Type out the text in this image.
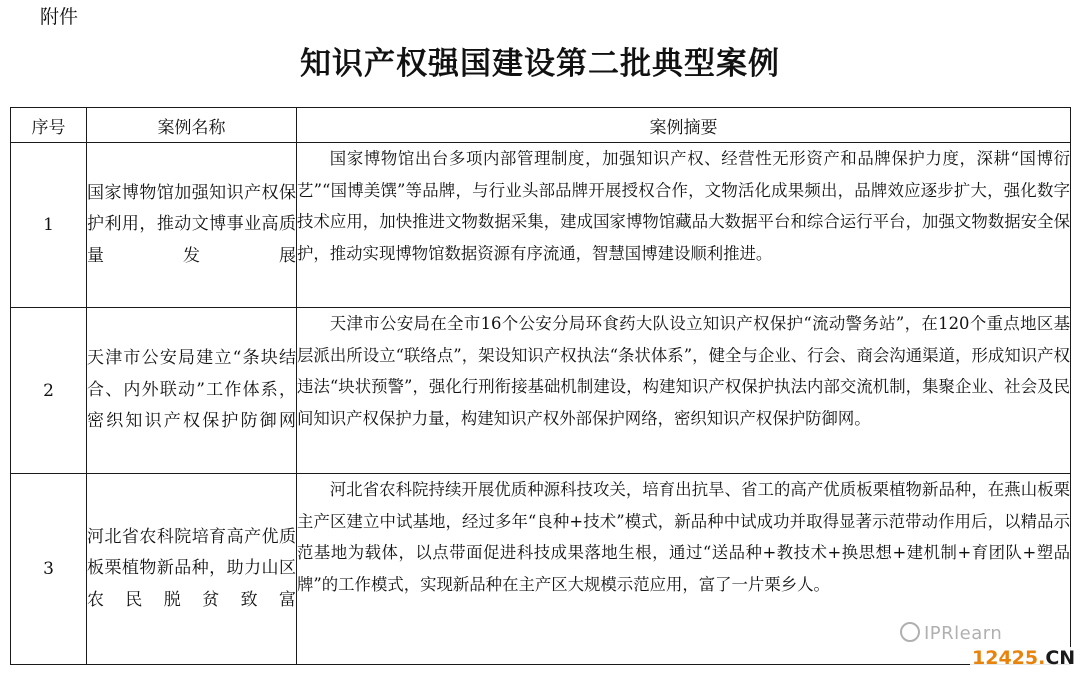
附件
知识产权强国建设第二批典型案例
序号	案例名称	案例摘要
1	国家博物馆加强知识产权保护利用，推动文博事业高质量发展	国家博物馆出台多项内部管理制度，加强知识产权、经营性无形资产和品牌保护力度，深耕“国博衍艺”“国博美馔”等品牌，与行业头部品牌开展授权合作，文物活化成果频出，品牌效应逐步扩大，强化数字技术应用，加快推进文物数据采集，建成国家博物馆藏品大数据平台和综合运行平台，加强文物数据安全保护，推动实现博物馆数据资源有序流通，智慧国博建设顺利推进。
2	天津市公安局建立“条块结合、内外联动”工作体系，密织知识产权保护防御网	天津市公安局在全市16个公安分局环食药大队设立知识产权保护“流动警务站”，在120个重点地区基层派出所设立“联络点”，架设知识产权执法“条状体系”，健全与企业、行会、商会沟通渠道，形成知识产权违法“块状预警”，强化行刑衔接基础机制建设，构建知识产权保护执法内部交流机制，集聚企业、社会及民间知识产权保护力量，构建知识产权外部保护网络，密织知识产权保护防御网。
3	河北省农科院培育高产优质板栗植物新品种，助力山区农民脱贫致富	河北省农科院持续开展优质种源科技攻关，培育出抗旱、省工的高产优质板栗植物新品种，在燕山板栗主产区建立中试基地，经过多年“良种+技术”模式，新品种中试成功并取得显著示范带动作用后，以精品示范基地为载体，以点带面促进科技成果落地生根，通过“送品种+教技术+换思想+建机制+育团队+塑品牌”的工作模式，实现新品种在主产区大规模示范应用，富了一片栗乡人。
IPRlearn
12425.CN
